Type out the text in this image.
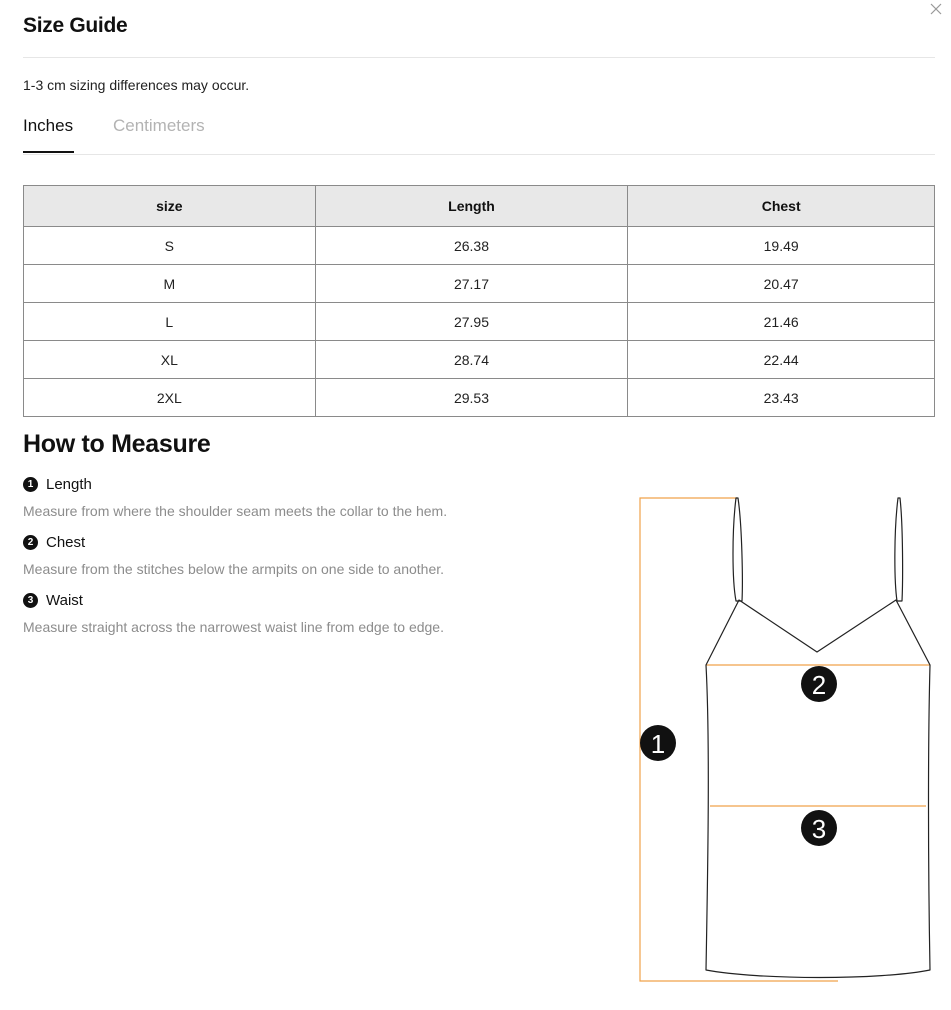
Size Guide
1-3 cm sizing differences may occur.
Inches Centimeters
size	Length	Chest
S	26.38	19.49
M	27.17	20.47
L	27.95	21.46
XL	28.74	22.44
2XL	29.53	23.43
How to Measure
1 Length
Measure from where the shoulder seam meets the collar to the hem.
2 Chest
Measure from the stitches below the armpits on one side to another.
3 Waist
Measure straight across the narrowest waist line from edge to edge.
1
2
3
